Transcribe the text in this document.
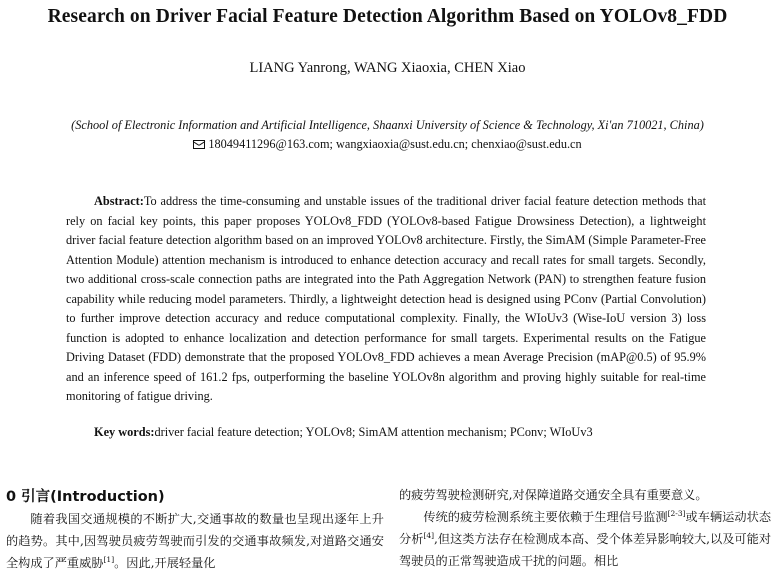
Research on Driver Facial Feature Detection Algorithm Based on YOLOv8_FDD
LIANG Yanrong, WANG Xiaoxia, CHEN Xiao
(School of Electronic Information and Artificial Intelligence, Shaanxi University of Science & Technology, Xi′an 710021, China)
18049411296@163.com; wangxiaoxia@sust.edu.cn; chenxiao@sust.edu.cn

Abstract:To address the time-consuming and unstable issues of the traditional driver facial feature detection methods that rely on facial key points, this paper proposes YOLOv8_FDD (YOLOv8-based Fatigue Drowsiness Detection), a lightweight driver facial feature detection algorithm based on an improved YOLOv8 architecture. Firstly, the SimAM (Simple Parameter-Free Attention Module) attention mechanism is introduced to enhance detection accuracy and recall rates for small targets. Secondly, two additional cross-scale connection paths are integrated into the Path Aggregation Network (PAN) to strengthen feature fusion capability while reducing model parameters. Thirdly, a lightweight detection head is designed using PConv (Partial Convolution) to further improve detection accuracy and reduce computational complexity. Finally, the WIoUv3 (Wise-IoU version 3) loss function is adopted to enhance localization and detection performance for small targets. Experimental results on the Fatigue Driving Dataset (FDD) demonstrate that the proposed YOLOv8_FDD achieves a mean Average Precision (mAP@0.5) of 95.9% and an inference speed of 161.2 fps, outperforming the baseline YOLOv8n algorithm and proving highly suitable for real-time monitoring of fatigue driving.

Key words:driver facial feature detection; YOLOv8; SimAM attention mechanism; PConv; WIoUv3
0 引言(Introduction)

随着我国交通规模的不断扩大,交通事故的数量也呈现出逐年上升的趋势。其中,因驾驶员疲劳驾驶而引发的交通事故频发,对道路交通安全构成了严重威胁[1]。因此,开展轻量化

的疲劳驾驶检测研究,对保障道路交通安全具有重要意义。

传统的疲劳检测系统主要依赖于生理信号监测[2-3]或车辆运动状态分析[4],但这类方法存在检测成本高、受个体差异影响较大,以及可能对驾驶员的正常驾驶造成干扰的问题。相比
